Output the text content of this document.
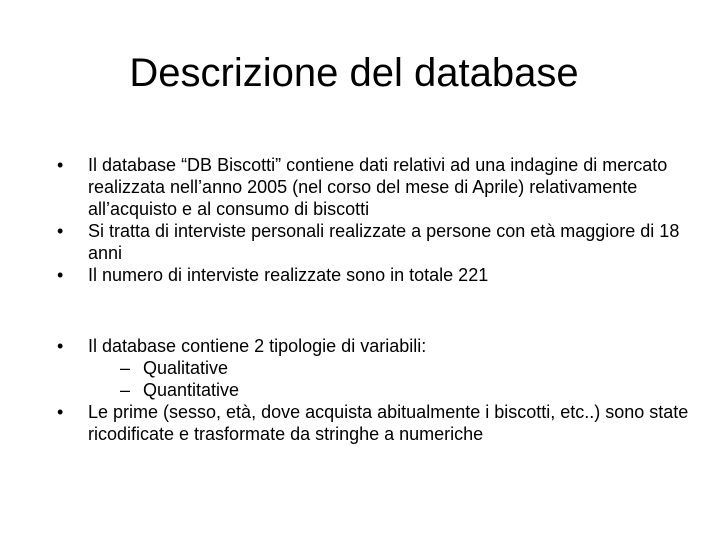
Descrizione del database
• Il database “DB Biscotti” contiene dati relativi ad una indagine di mercato realizzata nell’anno 2005 (nel corso del mese di Aprile) relativamente all’acquisto e al consumo di biscotti
• Si tratta di interviste personali realizzate a persone con età maggiore di 18 anni
• Il numero di interviste realizzate sono in totale 221
• Il database contiene 2 tipologie di variabili:
– Qualitative
– Quantitative
• Le prime (sesso, età, dove acquista abitualmente i biscotti, etc..) sono state ricodificate e trasformate da stringhe a numeriche
